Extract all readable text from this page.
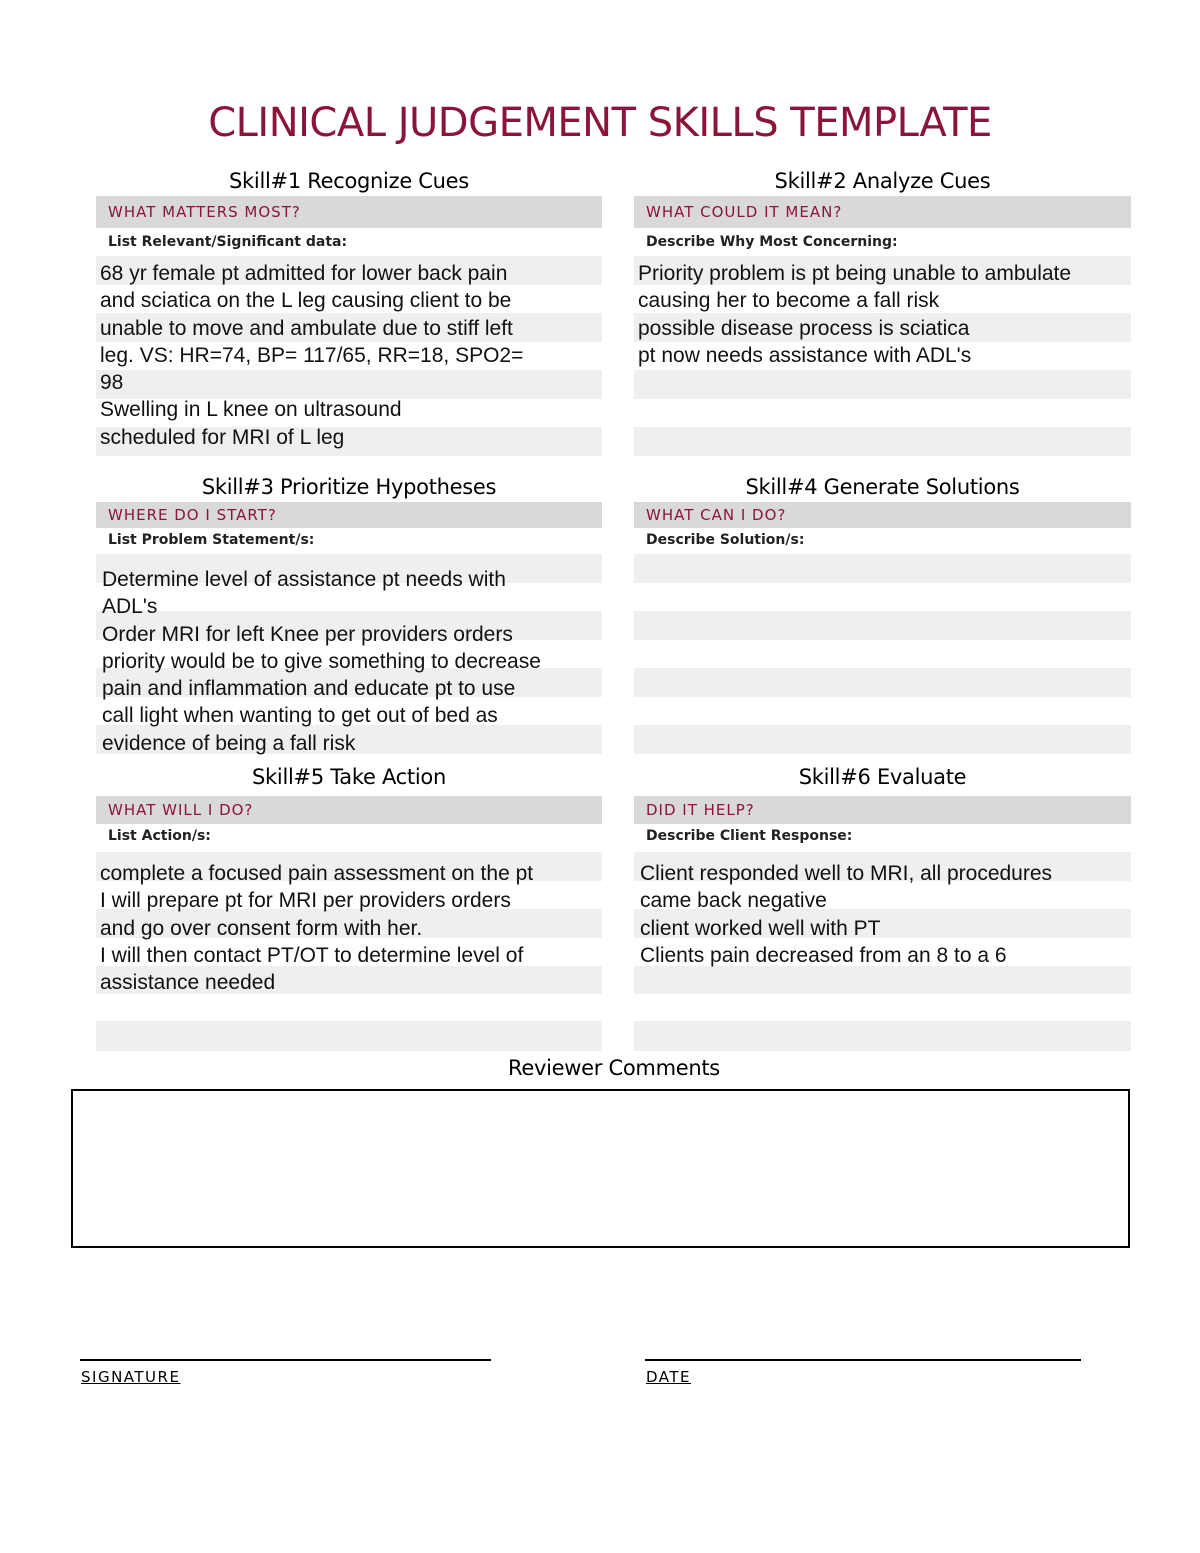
CLINICAL JUDGEMENT SKILLS TEMPLATE
Skill#1 Recognize Cues
WHAT MATTERS MOST?
List Relevant/Significant data:
68 yr female pt admitted for lower back pain
and sciatica on the L leg causing client to be
unable to move and ambulate due to stiff left
leg. VS: HR=74, BP= 117/65, RR=18, SPO2=
98
Swelling in L knee on ultrasound
scheduled for MRI of L leg
Skill#2 Analyze Cues
WHAT COULD IT MEAN?
Describe Why Most Concerning:
Priority problem is pt being unable to ambulate
causing her to become a fall risk
possible disease process is sciatica
pt now needs assistance with ADL's
Skill#3 Prioritize Hypotheses
WHERE DO I START?
List Problem Statement/s:
Determine level of assistance pt needs with
ADL's
Order MRI for left Knee per providers orders
priority would be to give something to decrease
pain and inflammation and educate pt to use
call light when wanting to get out of bed as
evidence of being a fall risk
Skill#4 Generate Solutions
WHAT CAN I DO?
Describe Solution/s:
Skill#5 Take Action
WHAT WILL I DO?
List Action/s:
complete a focused pain assessment on the pt
I will prepare pt for MRI per providers orders
and go over consent form with her.
I will then contact PT/OT to determine level of
assistance needed
Skill#6 Evaluate
DID IT HELP?
Describe Client Response:
Client responded well to MRI, all procedures
came back negative
client worked well with PT
Clients pain decreased from an 8 to a 6
Reviewer Comments
SIGNATURE	DATE
